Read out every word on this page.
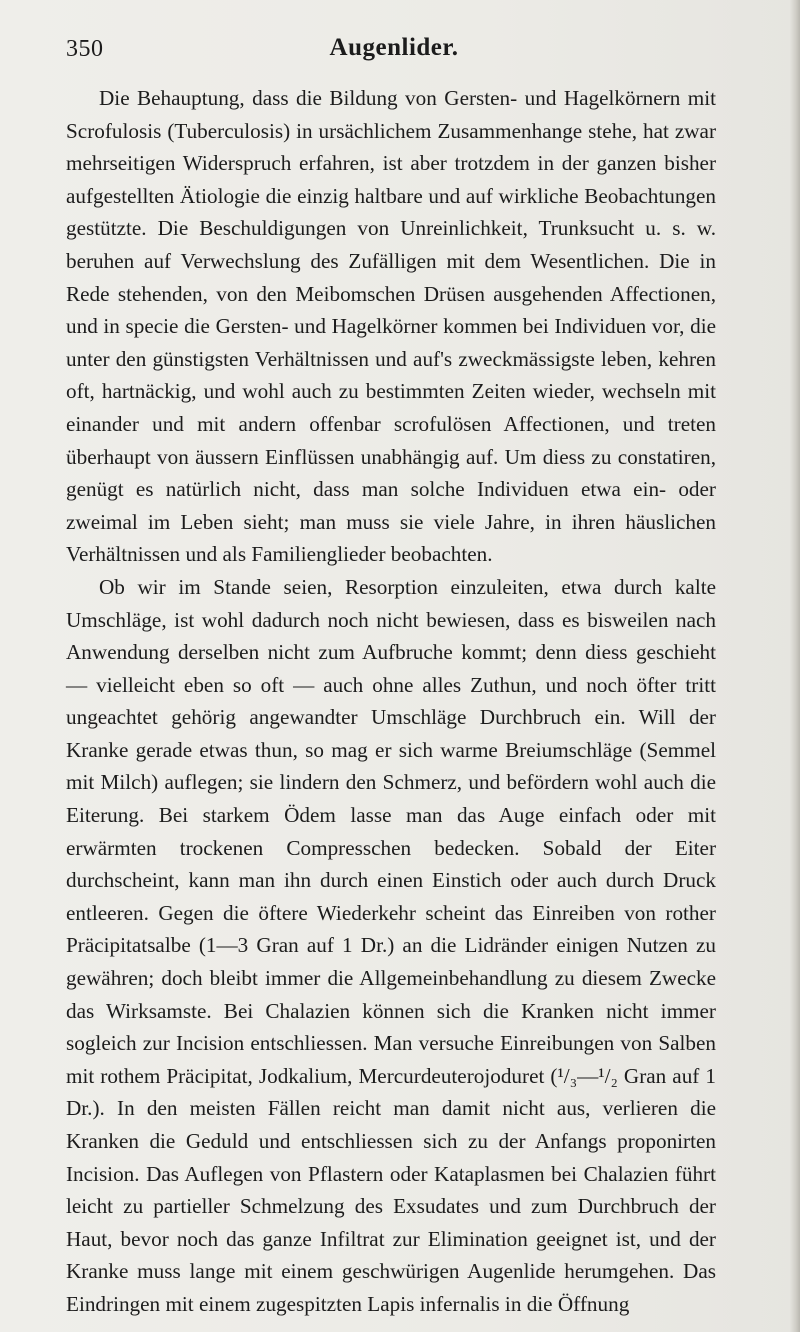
350	Augenlider.

Die Behauptung, dass die Bildung von Gersten- und Hagelkörnern mit Scrofulosis (Tuberculosis) in ursächlichem Zusammenhange stehe, hat zwar mehrseitigen Widerspruch erfahren, ist aber trotzdem in der ganzen bisher aufgestellten Ätiologie die einzig haltbare und auf wirkliche Beobachtungen gestützte. Die Beschuldigungen von Unreinlichkeit, Trunksucht u. s. w. beruhen auf Verwechslung des Zufälligen mit dem Wesentlichen. Die in Rede stehenden, von den Meibomschen Drüsen ausgehenden Affectionen, und in specie die Gersten- und Hagelkörner kommen bei Individuen vor, die unter den günstigsten Verhältnissen und auf's zweckmässigste leben, kehren oft, hartnäckig, und wohl auch zu bestimmten Zeiten wieder, wechseln mit einander und mit andern offenbar scrofulösen Affectionen, und treten überhaupt von äussern Einflüssen unabhängig auf. Um diess zu constatiren, genügt es natürlich nicht, dass man solche Individuen etwa ein- oder zweimal im Leben sieht; man muss sie viele Jahre, in ihren häuslichen Verhältnissen und als Familienglieder beobachten.

Ob wir im Stande seien, Resorption einzuleiten, etwa durch kalte Umschläge, ist wohl dadurch noch nicht bewiesen, dass es bisweilen nach Anwendung derselben nicht zum Aufbruche kommt; denn diess geschieht — vielleicht eben so oft — auch ohne alles Zuthun, und noch öfter tritt ungeachtet gehörig angewandter Umschläge Durchbruch ein. Will der Kranke gerade etwas thun, so mag er sich warme Breiumschläge (Semmel mit Milch) auflegen; sie lindern den Schmerz, und befördern wohl auch die Eiterung. Bei starkem Ödem lasse man das Auge einfach oder mit erwärmten trockenen Compresschen bedecken. Sobald der Eiter durchscheint, kann man ihn durch einen Einstich oder auch durch Druck entleeren. Gegen die öftere Wiederkehr scheint das Einreiben von rother Präcipitatsalbe (1—3 Gran auf 1 Dr.) an die Lidränder einigen Nutzen zu gewähren; doch bleibt immer die Allgemeinbehandlung zu diesem Zwecke das Wirksamste. Bei Chalazien können sich die Kranken nicht immer sogleich zur Incision entschliessen. Man versuche Einreibungen von Salben mit rothem Präcipitat, Jodkalium, Mercurdeuterojoduret (¹/₃—¹/₂ Gran auf 1 Dr.). In den meisten Fällen reicht man damit nicht aus, verlieren die Kranken die Geduld und entschliessen sich zu der Anfangs proponirten Incision. Das Auflegen von Pflastern oder Kataplasmen bei Chalazien führt leicht zu partieller Schmelzung des Exsudates und zum Durchbruch der Haut, bevor noch das ganze Infiltrat zur Elimination geeignet ist, und der Kranke muss lange mit einem geschwürigen Augenlide herumgehen. Das Eindringen mit einem zugespitzten Lapis infernalis in die Öffnung
